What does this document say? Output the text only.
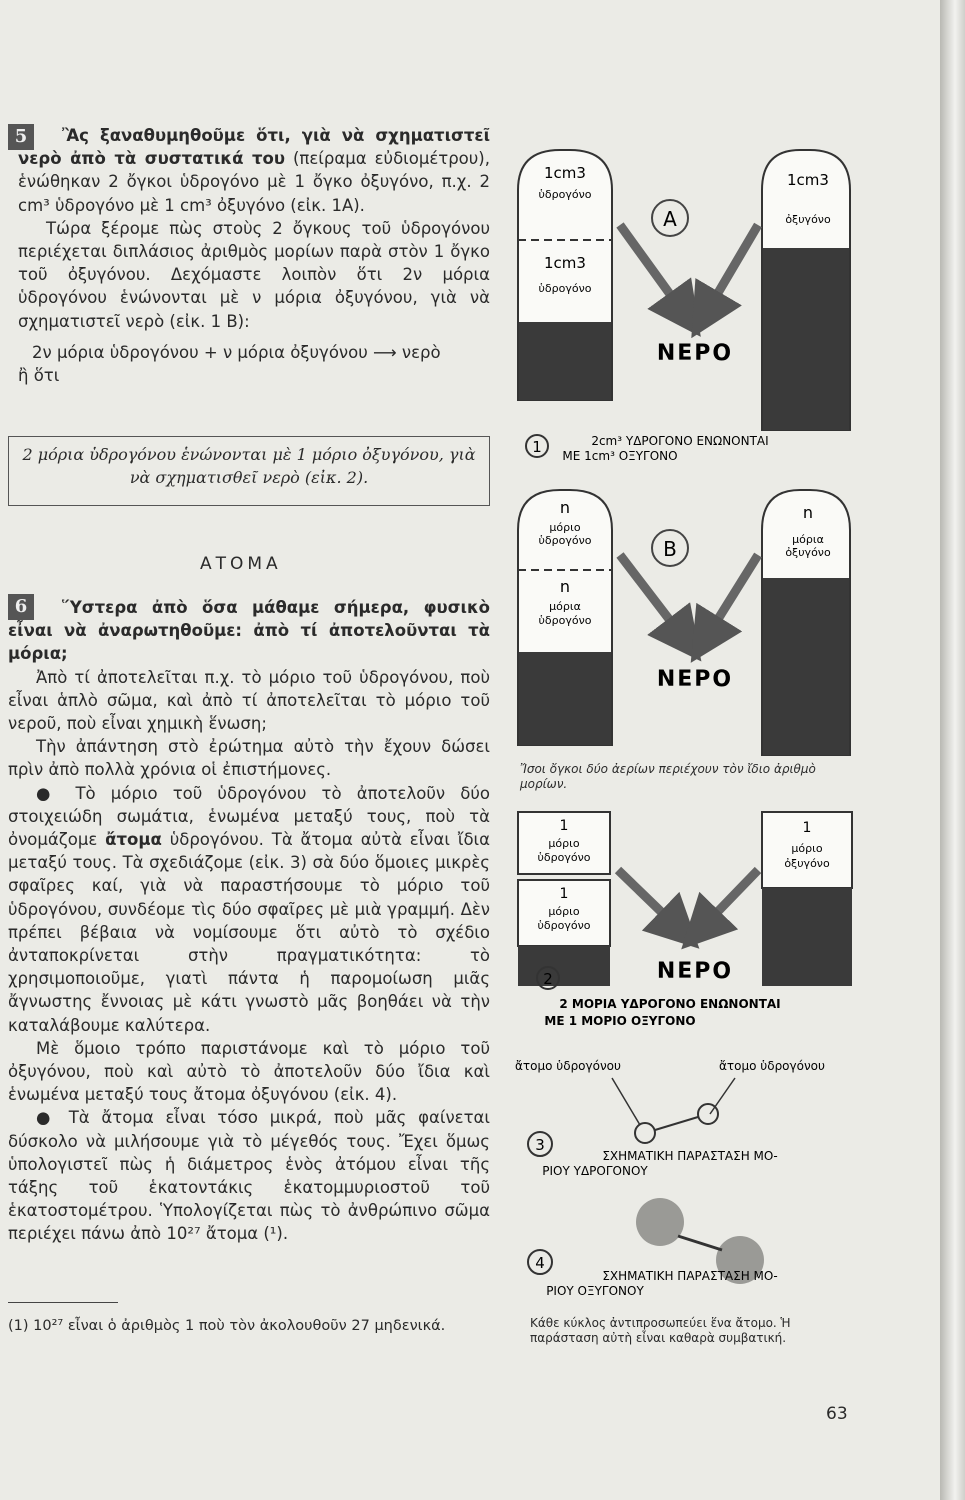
5	Ἂς ξαναθυμηθοῦμε ὅτι, γιὰ νὰ σχηματιστεῖ νερὸ ἀπὸ τὰ συστατικά του (πείραμα εὐδιομέτρου), ἑνώθηκαν 2 ὄγκοι ὑδρογόνο μὲ 1 ὄγκο ὀξυγόνο, π.χ. 2 cm³ ὑδρογόνο μὲ 1 cm³ ὀξυγόνο (εἰκ. 1Α).

Τώρα ξέρομε πὼς στοὺς 2 ὄγκους τοῦ ὑδρογόνου περιέχεται διπλάσιος ἀριθμὸς μορίων παρὰ στὸν 1 ὄγκο τοῦ ὀξυγόνου. Δεχόμαστε λοιπὸν ὅτι 2ν μόρια ὑδρογόνου ἑνώνονται μὲ ν μόρια ὀξυγόνου, γιὰ νὰ σχηματιστεῖ νερὸ (εἰκ. 1 Β):

2ν μόρια ὑδρογόνου + ν μόρια ὀξυγόνου ⟶ νερὸ

ἢ ὅτι

2 μόρια ὑδρογόνου ἑνώνονται μὲ 1 μόριο ὀξυγόνου, γιὰ νὰ σχηματισθεῖ νερὸ (εἰκ. 2).
ΑΤΟΜΑ
6	Ὕστερα ἀπὸ ὅσα μάθαμε σήμερα, φυσικὸ εἶναι νὰ ἀναρωτηθοῦμε: ἀπὸ τί ἀποτελοῦνται τὰ μόρια;

Ἀπὸ τί ἀποτελεῖται π.χ. τὸ μόριο τοῦ ὑδρογόνου, ποὺ εἶναι ἁπλὸ σῶμα, καὶ ἀπὸ τί ἀποτελεῖται τὸ μόριο τοῦ νεροῦ, ποὺ εἶναι χημικὴ ἕνωση;

Τὴν ἀπάντηση στὸ ἐρώτημα αὐτὸ τὴν ἔχουν δώσει πρὶν ἀπὸ πολλὰ χρόνια οἱ ἐπιστήμονες.

● Τὸ μόριο τοῦ ὑδρογόνου τὸ ἀποτελοῦν δύο στοιχειώδη σωμάτια, ἑνωμένα μεταξύ τους, ποὺ τὰ ὀνομάζομε ἄτομα ὑδρογόνου. Τὰ ἄτομα αὐτὰ εἶναι ἴδια μεταξύ τους. Τὰ σχεδιάζομε (εἰκ. 3) σὰ δύο ὅμοιες μικρὲς σφαῖρες καί, γιὰ νὰ παραστήσουμε τὸ μόριο τοῦ ὑδρογόνου, συνδέομε τὶς δύο σφαῖρες μὲ μιὰ γραμμή. Δὲν πρέπει βέβαια νὰ νομίσουμε ὅτι αὐτὸ τὸ σχέδιο ἀνταποκρίνεται στὴν πραγματικότητα: τὸ χρησιμοποιοῦμε, γιατὶ πάντα ἡ παρομοίωση μιᾶς ἄγνωστης ἔννοιας μὲ κάτι γνωστὸ μᾶς βοηθάει νὰ τὴν καταλάβουμε καλύτερα.

Μὲ ὅμοιο τρόπο παριστάνομε καὶ τὸ μόριο τοῦ ὀξυγόνου, ποὺ καὶ αὐτὸ τὸ ἀποτελοῦν δύο ἴδια καὶ ἑνωμένα μεταξύ τους ἄτομα ὀξυγόνου (εἰκ. 4).

● Τὰ ἄτομα εἶναι τόσο μικρά, ποὺ μᾶς φαίνεται δύσκολο νὰ μιλήσουμε γιὰ τὸ μέγεθός τους. Ἔχει ὅμως ὑπολογιστεῖ πὼς ἡ διάμετρος ἑνὸς ἀτόμου εἶναι τῆς τάξης τοῦ ἑκατοντάκις ἑκατομμυριοστοῦ τοῦ ἑκατοστομέτρου. Ὑπολογίζεται πὼς τὸ ἀνθρώπινο σῶμα περιέχει πάνω ἀπὸ 10²⁷ ἄτομα (¹).

(1) 10²⁷ εἶναι ὁ ἀριθμὸς 1 ποὺ τὸν ἀκολουθοῦν 27 μηδενικά.
1cm3
ὑδρογόνο
1cm3
ὑδρογόνο
1cm3
ὀξυγόνο
Α
ΝΕΡΟ
1	2cm³ ΥΔΡΟΓΟΝΟ ΕΝΩΝΟΝΤΑΙ
ΜΕ 1cm³ ΟΞΥΓΟΝΟ
n
μόριο
ὑδρογόνο
n
μόρια
ὑδρογόνο
n
μόρια
ὀξυγόνο
Β
ΝΕΡΟ
1
μόριο
ὑδρογόνο
1
μόριο
ὑδρογόνο
1
μόριο
ὀξυγόνο
ΝΕΡΟ
2
2 ΜΟΡΙΑ ΥΔΡΟΓΟΝΟ ΕΝΩΝΟΝΤΑΙ
ΜΕ 1 ΜΟΡΙΟ ΟΞΥΓΟΝΟ
ἄτομο ὑδρογόνου	ἄτομο ὑδρογόνου
3
ΣΧΗΜΑΤΙΚΗ ΠΑΡΑΣΤΑΣΗ ΜΟ-
ΡΙΟΥ ΥΔΡΟΓΟΝΟΥ
4
ΣΧΗΜΑΤΙΚΗ ΠΑΡΑΣΤΑΣΗ ΜΟ-
ΡΙΟΥ ΟΞΥΓΟΝΟΥ
Ἴσοι ὄγκοι δύο ἀερίων περιέχουν τὸν ἴδιο ἀριθμὸ μορίων.
Κάθε κύκλος ἀντιπροσωπεύει ἕνα ἄτομο. Ἡ παράσταση αὐτὴ εἶναι καθαρὰ συμβατική.
63
